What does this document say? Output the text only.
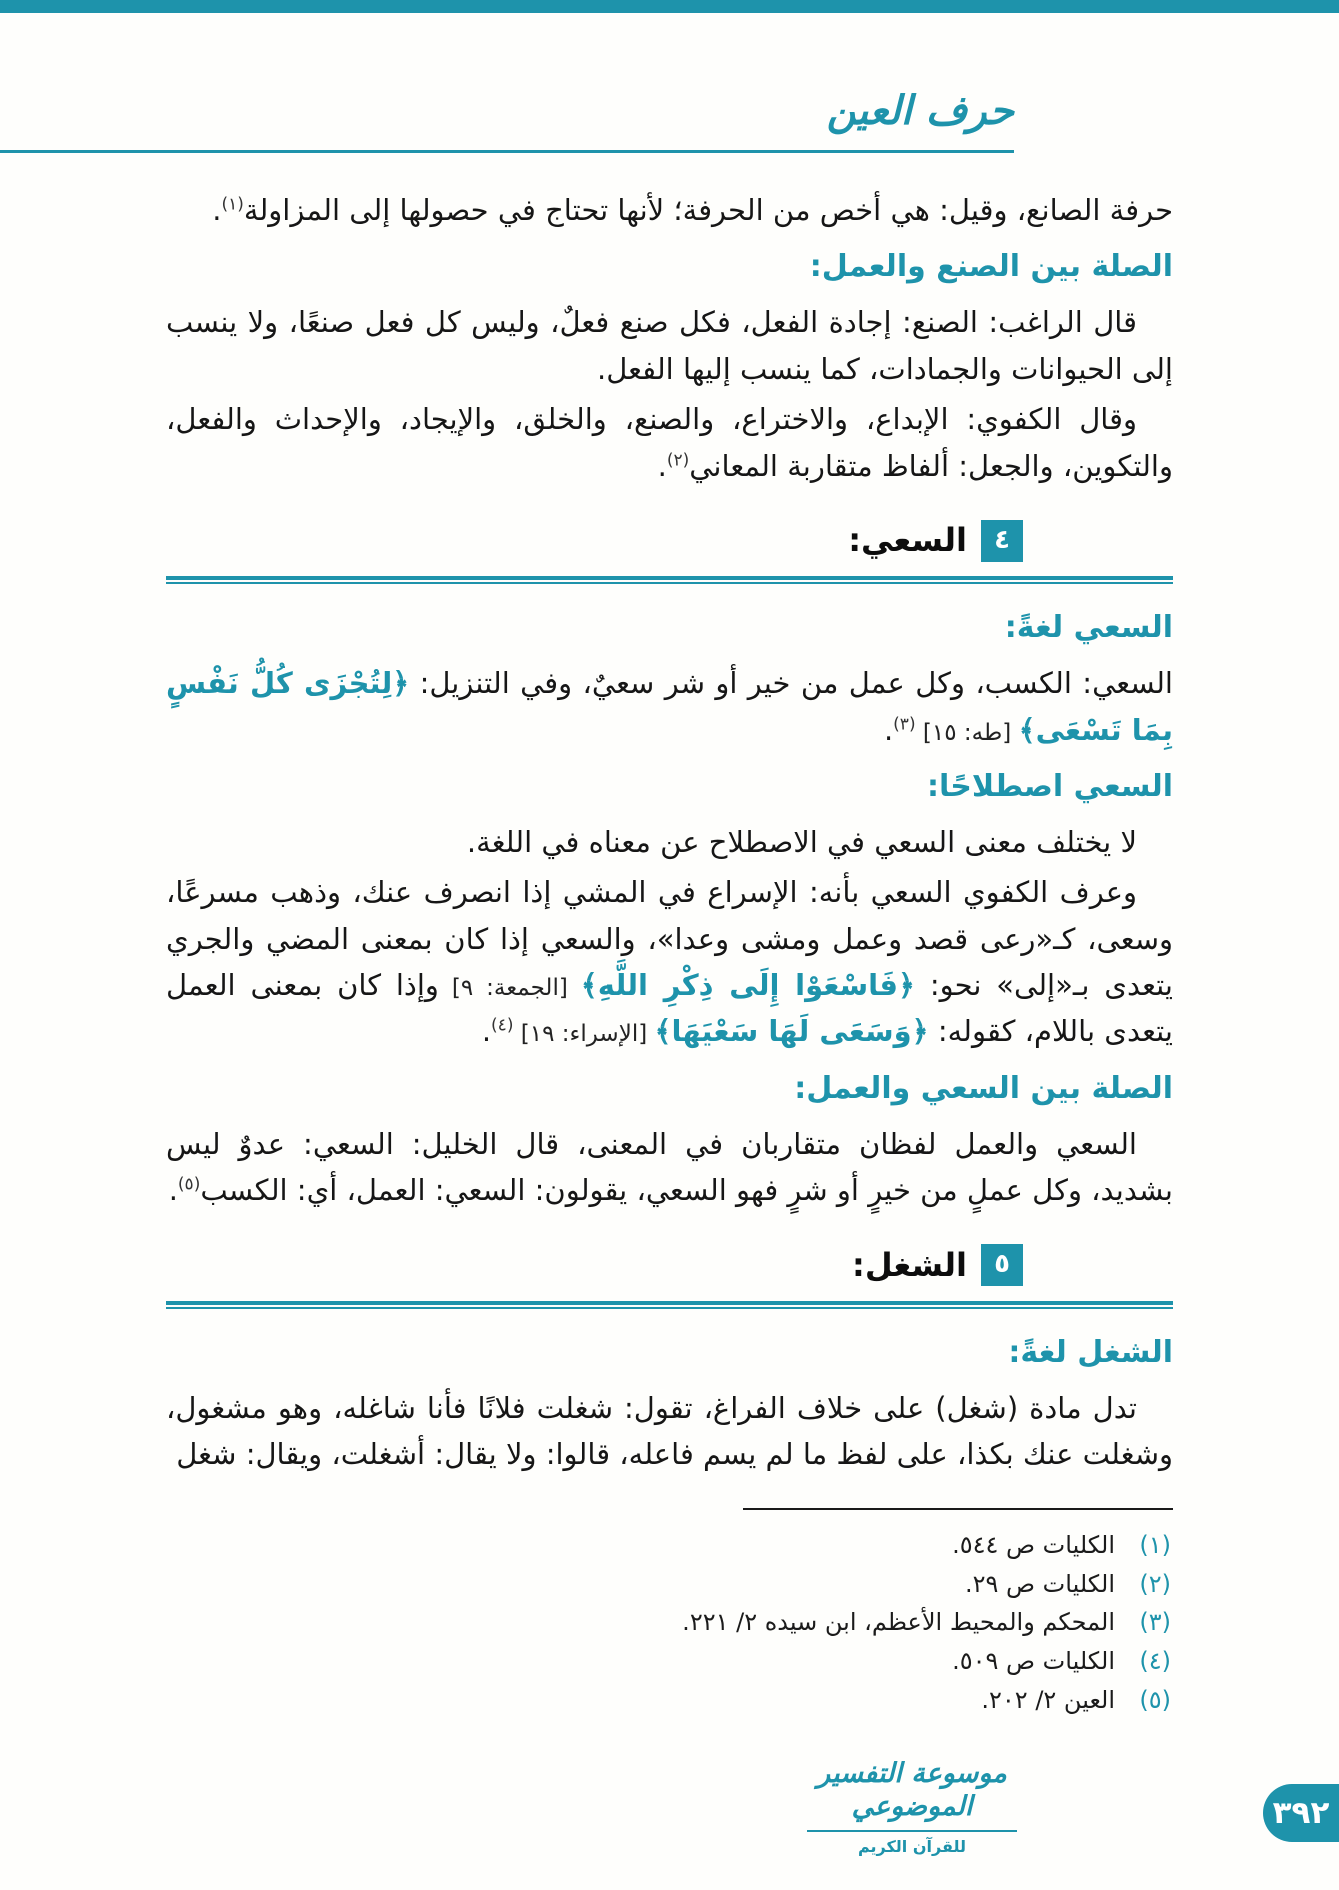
حرف العين

حرفة الصانع، وقيل: هي أخص من الحرفة؛ لأنها تحتاج في حصولها إلى المزاولة$^{(١)}$.

الصلة بين الصنع والعمل:

قال الراغب: الصنع: إجادة الفعل، فكل صنع فعلٌ، وليس كل فعل صنعًا، ولا ينسب إلى الحيوانات والجمادات، كما ينسب إليها الفعل.

وقال الكفوي: الإبداع، والاختراع، والصنع، والخلق، والإيجاد، والإحداث والفعل، والتكوين، والجعل: ألفاظ متقاربة المعاني$^{(٢)}$.

٤
السعي:
السعي لغةً:

السعي: الكسب، وكل عمل من خير أو شر سعيٌ، وفي التنزيل: ﴿لِتُجْزَى كُلُّ نَفْسٍ بِمَا تَسْعَى﴾ [طه: ١٥] $^{(٣)}$.

السعي اصطلاحًا:

لا يختلف معنى السعي في الاصطلاح عن معناه في اللغة.

وعرف الكفوي السعي بأنه: الإسراع في المشي إذا انصرف عنك، وذهب مسرعًا، وسعى، كـ«رعى قصد وعمل ومشى وعدا»، والسعي إذا كان بمعنى المضي والجري يتعدى بـ«إلى» نحو: ﴿فَاسْعَوْا إِلَى ذِكْرِ اللَّهِ﴾ [الجمعة: ٩] وإذا كان بمعنى العمل يتعدى باللام، كقوله: ﴿وَسَعَى لَهَا سَعْيَهَا﴾ [الإسراء: ١٩] $^{(٤)}$.

الصلة بين السعي والعمل:

السعي والعمل لفظان متقاربان في المعنى، قال الخليل: السعي: عدوٌ ليس بشديد، وكل عملٍ من خيرٍ أو شرٍ فهو السعي، يقولون: السعي: العمل، أي: الكسب$^{(٥)}$.

٥
الشغل:
الشغل لغةً:

تدل مادة (شغل) على خلاف الفراغ، تقول: شغلت فلانًا فأنا شاغله، وهو مشغول، وشغلت عنك بكذا، على لفظ ما لم يسم فاعله، قالوا: ولا يقال: أشغلت، ويقال: شغل

(١)
الكليات ص ٥٤٤.
(٢)
الكليات ص ٢٩.
(٣)
المحكم والمحيط الأعظم، ابن سيده ٢/ ٢٢١.
(٤)
الكليات ص ٥٠٩.
(٥)
العين ٢/ ٢٠٢.
موسوعة التفسير الموضوعي
للقرآن الكريم
٣٩٢
